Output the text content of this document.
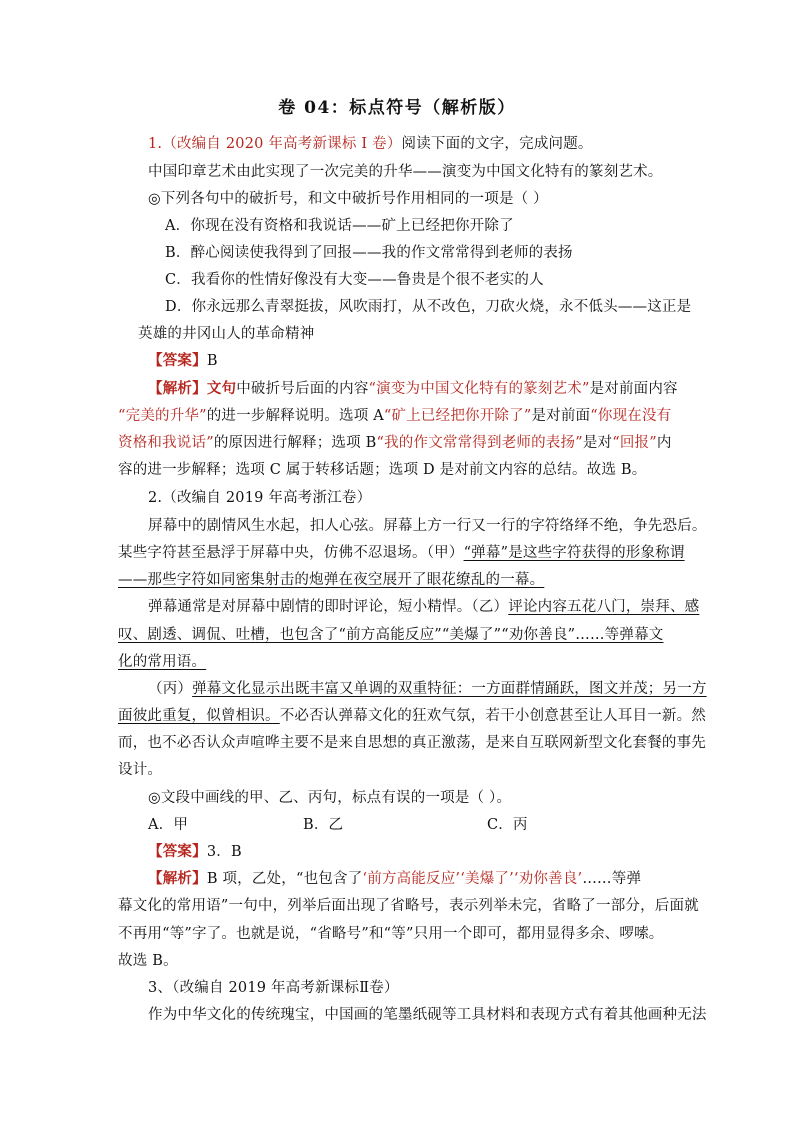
卷 04：标点符号（解析版）
1.（改编自 2020 年高考新课标 I 卷）阅读下面的文字，完成问题。
中国印章艺术由此实现了一次完美的升华——演变为中国文化特有的篆刻艺术。
◎下列各句中的破折号，和文中破折号作用相同的一项是（ ）
A．你现在没有资格和我说话——矿上已经把你开除了
B．醉心阅读使我得到了回报——我的作文常常得到老师的表扬
C．我看你的性情好像没有大变——鲁贵是个很不老实的人
D．你永远那么青翠挺拔，风吹雨打，从不改色，刀砍火烧，永不低头——这正是
英雄的井冈山人的革命精神
【答案】B
【解析】文句中破折号后面的内容“演变为中国文化特有的篆刻艺术”是对前面内容
“完美的升华”的进一步解释说明。选项 A“矿上已经把你开除了”是对前面“你现在没有
资格和我说话”的原因进行解释；选项 B“我的作文常常得到老师的表扬”是对“回报”内
容的进一步解释；选项 C 属于转移话题；选项 D 是对前文内容的总结。故选 B。
2.（改编自 2019 年高考浙江卷）
屏幕中的剧情风生水起，扣人心弦。屏幕上方一行又一行的字符络绎不绝，争先恐后。
某些字符甚至悬浮于屏幕中央，仿佛不忍退场。（甲）“弹幕”是这些字符获得的形象称谓
——那些字符如同密集射击的炮弹在夜空展开了眼花缭乱的一幕。
弹幕通常是对屏幕中剧情的即时评论，短小精悍。（乙）评论内容五花八门，崇拜、感
叹、剧透、调侃、吐槽，也包含了“前方高能反应”“美爆了”“劝你善良”……等弹幕文
化的常用语。
（丙）弹幕文化显示出既丰富又单调的双重特征：一方面群情踊跃，图文并茂；另一方
面彼此重复，似曾相识。不必否认弹幕文化的狂欢气氛，若干小创意甚至让人耳目一新。然
而，也不必否认众声喧哗主要不是来自思想的真正激荡，是来自互联网新型文化套餐的事先
设计。
◎文段中画线的甲、乙、丙句，标点有误的一项是（ ）。
A．甲	B．乙	C．丙
【答案】3．B
【解析】B 项，乙处，“也包含了‘前方高能反应’‘美爆了’‘劝你善良’……等弹
幕文化的常用语”一句中，列举后面出现了省略号，表示列举未完，省略了一部分，后面就
不再用“等”字了。也就是说，“省略号”和“等”只用一个即可，都用显得多余、啰嗦。
故选 B。
3、（改编自 2019 年高考新课标Ⅱ卷）
作为中华文化的传统瑰宝，中国画的笔墨纸砚等工具材料和表现方式有着其他画种无法
